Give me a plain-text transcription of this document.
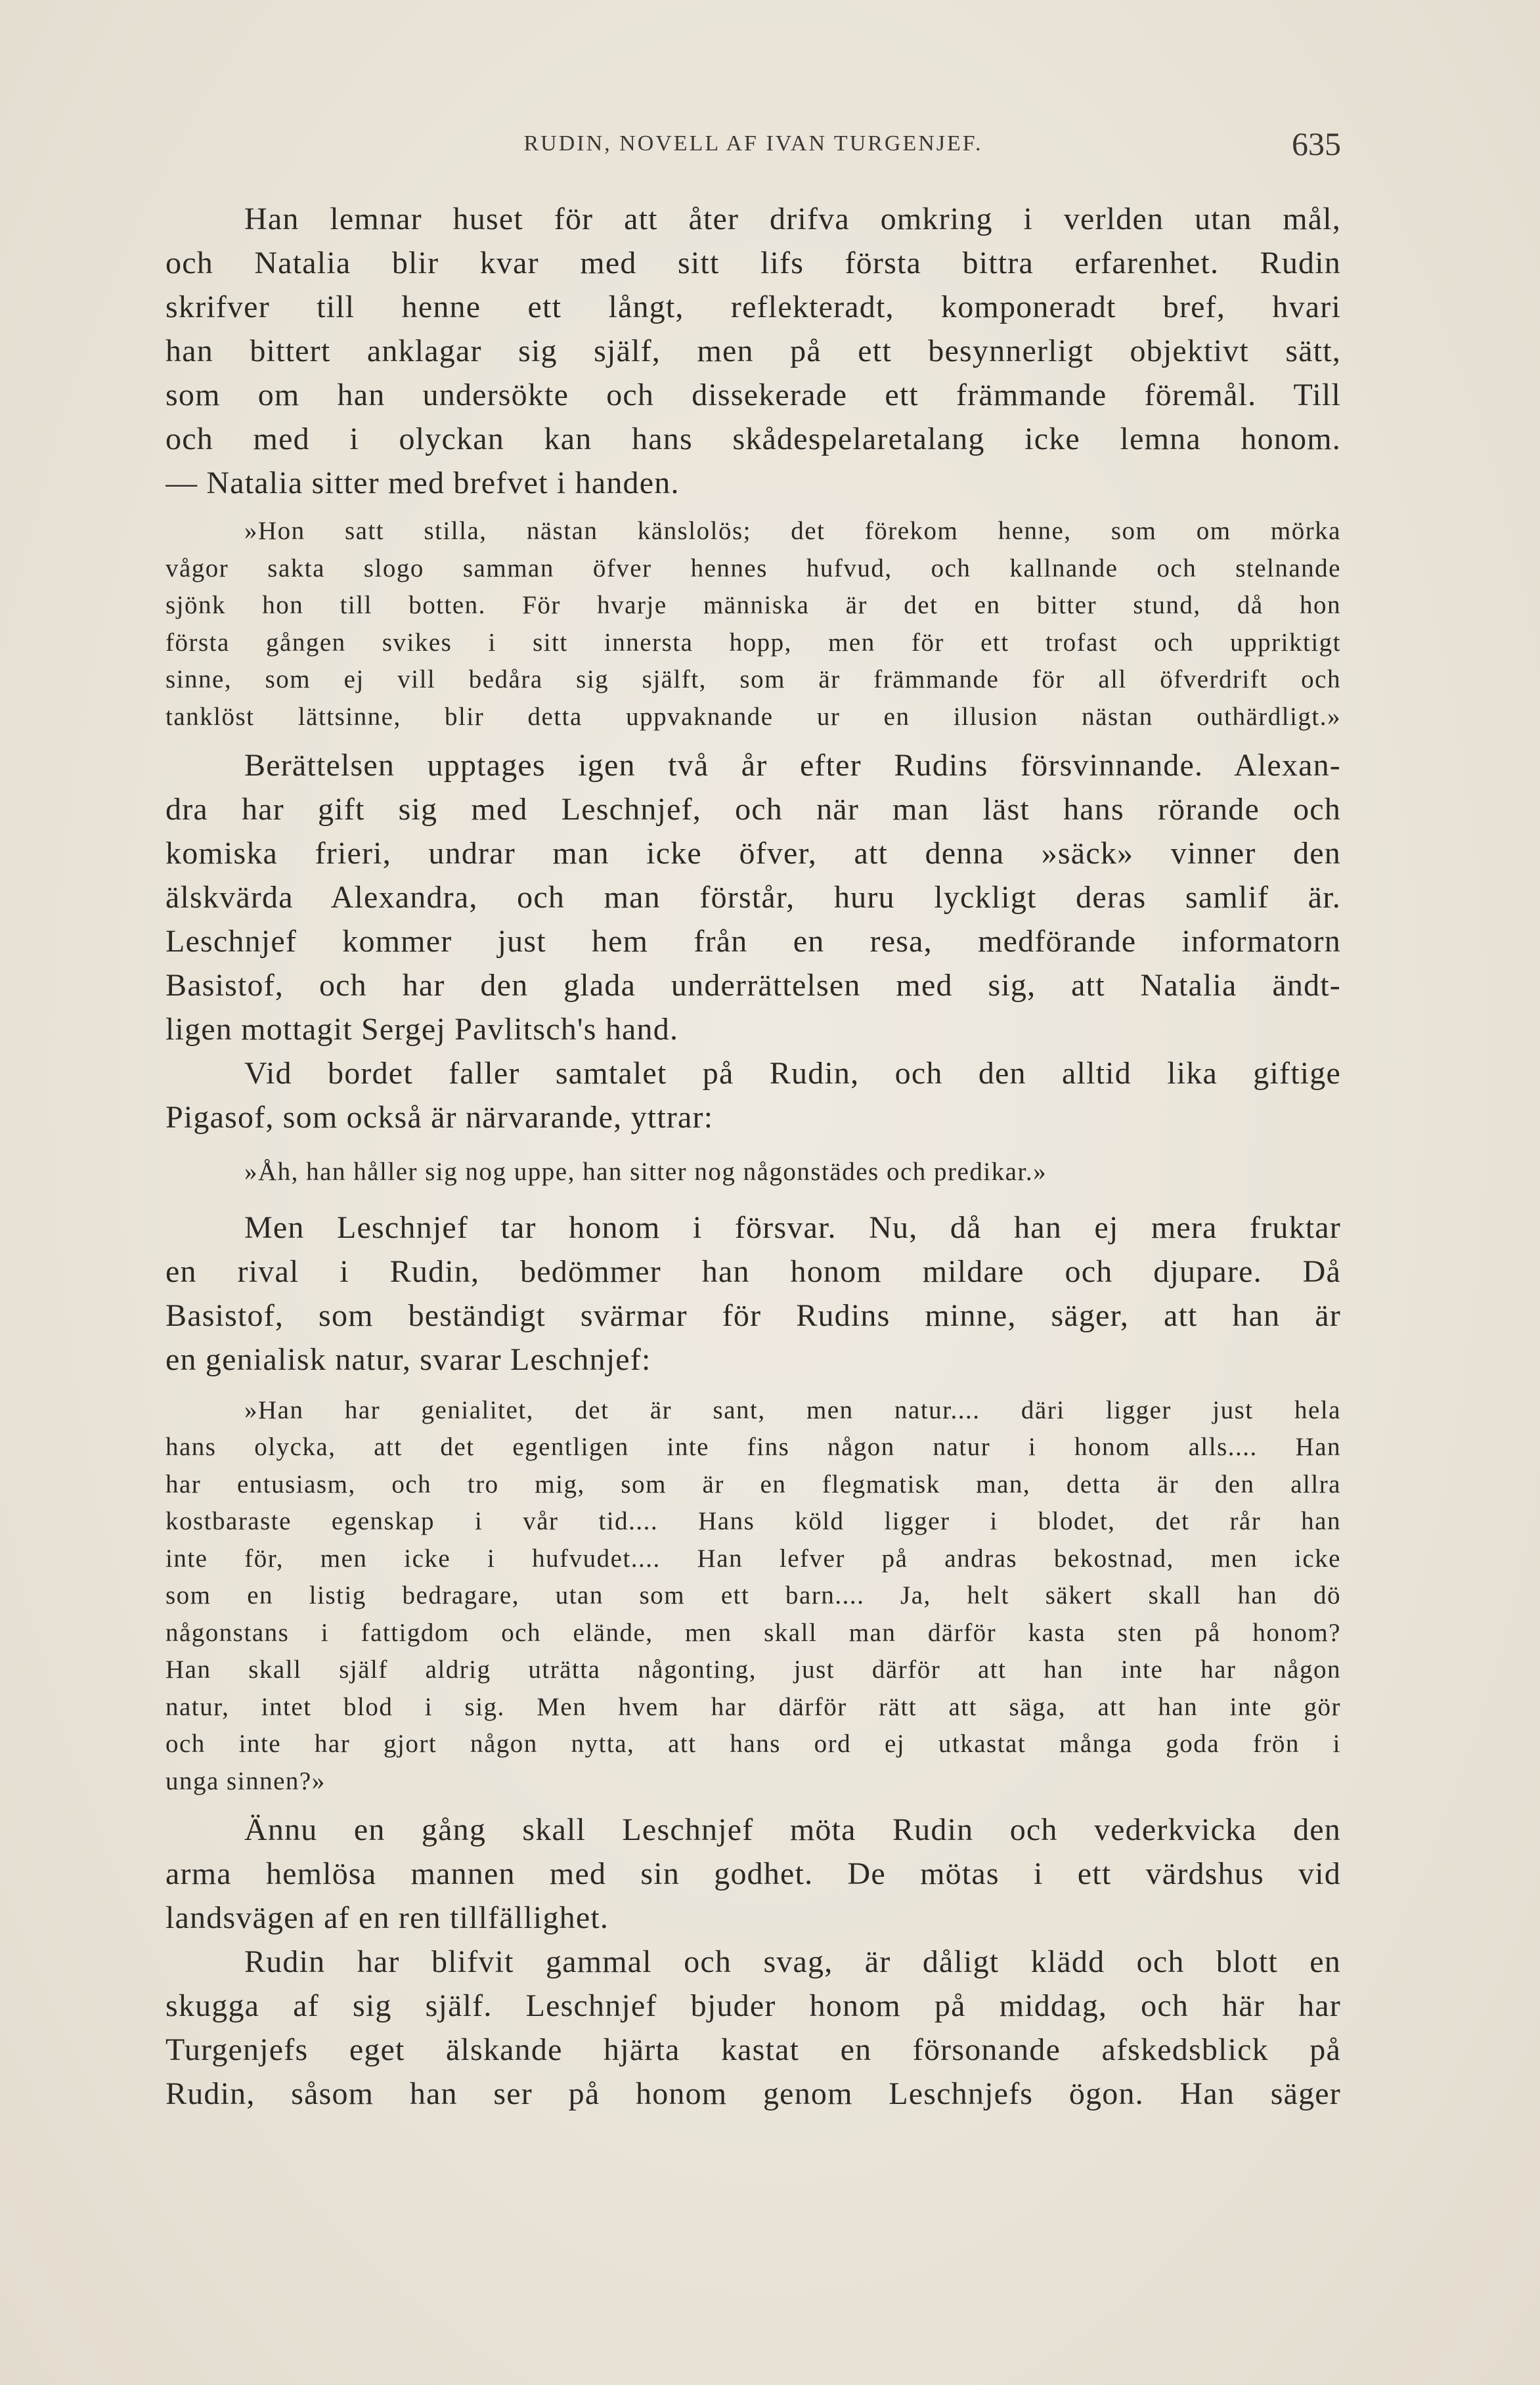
RUDIN, NOVELL AF IVAN TURGENJEF.	635
Han lemnar huset för att åter drifva omkring i verlden utan mål,
och Natalia blir kvar med sitt lifs första bittra erfarenhet. Rudin
skrifver till henne ett långt, reflekteradt, komponeradt bref, hvari
han bittert anklagar sig själf, men på ett besynnerligt objektivt sätt,
som om han undersökte och dissekerade ett främmande föremål. Till
och med i olyckan kan hans skådespelaretalang icke lemna honom.
— Natalia sitter med brefvet i handen.
»Hon satt stilla, nästan känslolös; det förekom henne, som om mörka
vågor sakta slogo samman öfver hennes hufvud, och kallnande och stelnande
sjönk hon till botten. För hvarje människa är det en bitter stund, då hon
första gången svikes i sitt innersta hopp, men för ett trofast och uppriktigt
sinne, som ej vill bedåra sig själft, som är främmande för all öfverdrift och
tanklöst lättsinne, blir detta uppvaknande ur en illusion nästan outhärdligt.»
Berättelsen upptages igen två år efter Rudins försvinnande. Alexan-
dra har gift sig med Leschnjef, och när man läst hans rörande och
komiska frieri, undrar man icke öfver, att denna »säck» vinner den
älskvärda Alexandra, och man förstår, huru lyckligt deras samlif är.
Leschnjef kommer just hem från en resa, medförande informatorn
Basistof, och har den glada underrättelsen med sig, att Natalia ändt-
ligen mottagit Sergej Pavlitsch's hand.
Vid bordet faller samtalet på Rudin, och den alltid lika giftige
Pigasof, som också är närvarande, yttrar:
»Åh, han håller sig nog uppe, han sitter nog någonstädes och predikar.»
Men Leschnjef tar honom i försvar. Nu, då han ej mera fruktar
en rival i Rudin, bedömmer han honom mildare och djupare. Då
Basistof, som beständigt svärmar för Rudins minne, säger, att han är
en genialisk natur, svarar Leschnjef:
»Han har genialitet, det är sant, men natur.... däri ligger just hela
hans olycka, att det egentligen inte fins någon natur i honom alls.... Han
har entusiasm, och tro mig, som är en flegmatisk man, detta är den allra
kostbaraste egenskap i vår tid.... Hans köld ligger i blodet, det rår han
inte för, men icke i hufvudet.... Han lefver på andras bekostnad, men icke
som en listig bedragare, utan som ett barn.... Ja, helt säkert skall han dö
någonstans i fattigdom och elände, men skall man därför kasta sten på honom?
Han skall själf aldrig uträtta någonting, just därför att han inte har någon
natur, intet blod i sig. Men hvem har därför rätt att säga, att han inte gör
och inte har gjort någon nytta, att hans ord ej utkastat många goda frön i
unga sinnen?»
Ännu en gång skall Leschnjef möta Rudin och vederkvicka den
arma hemlösa mannen med sin godhet. De mötas i ett värdshus vid
landsvägen af en ren tillfällighet.
Rudin har blifvit gammal och svag, är dåligt klädd och blott en
skugga af sig själf. Leschnjef bjuder honom på middag, och här har
Turgenjefs eget älskande hjärta kastat en försonande afskedsblick på
Rudin, såsom han ser på honom genom Leschnjefs ögon. Han säger
